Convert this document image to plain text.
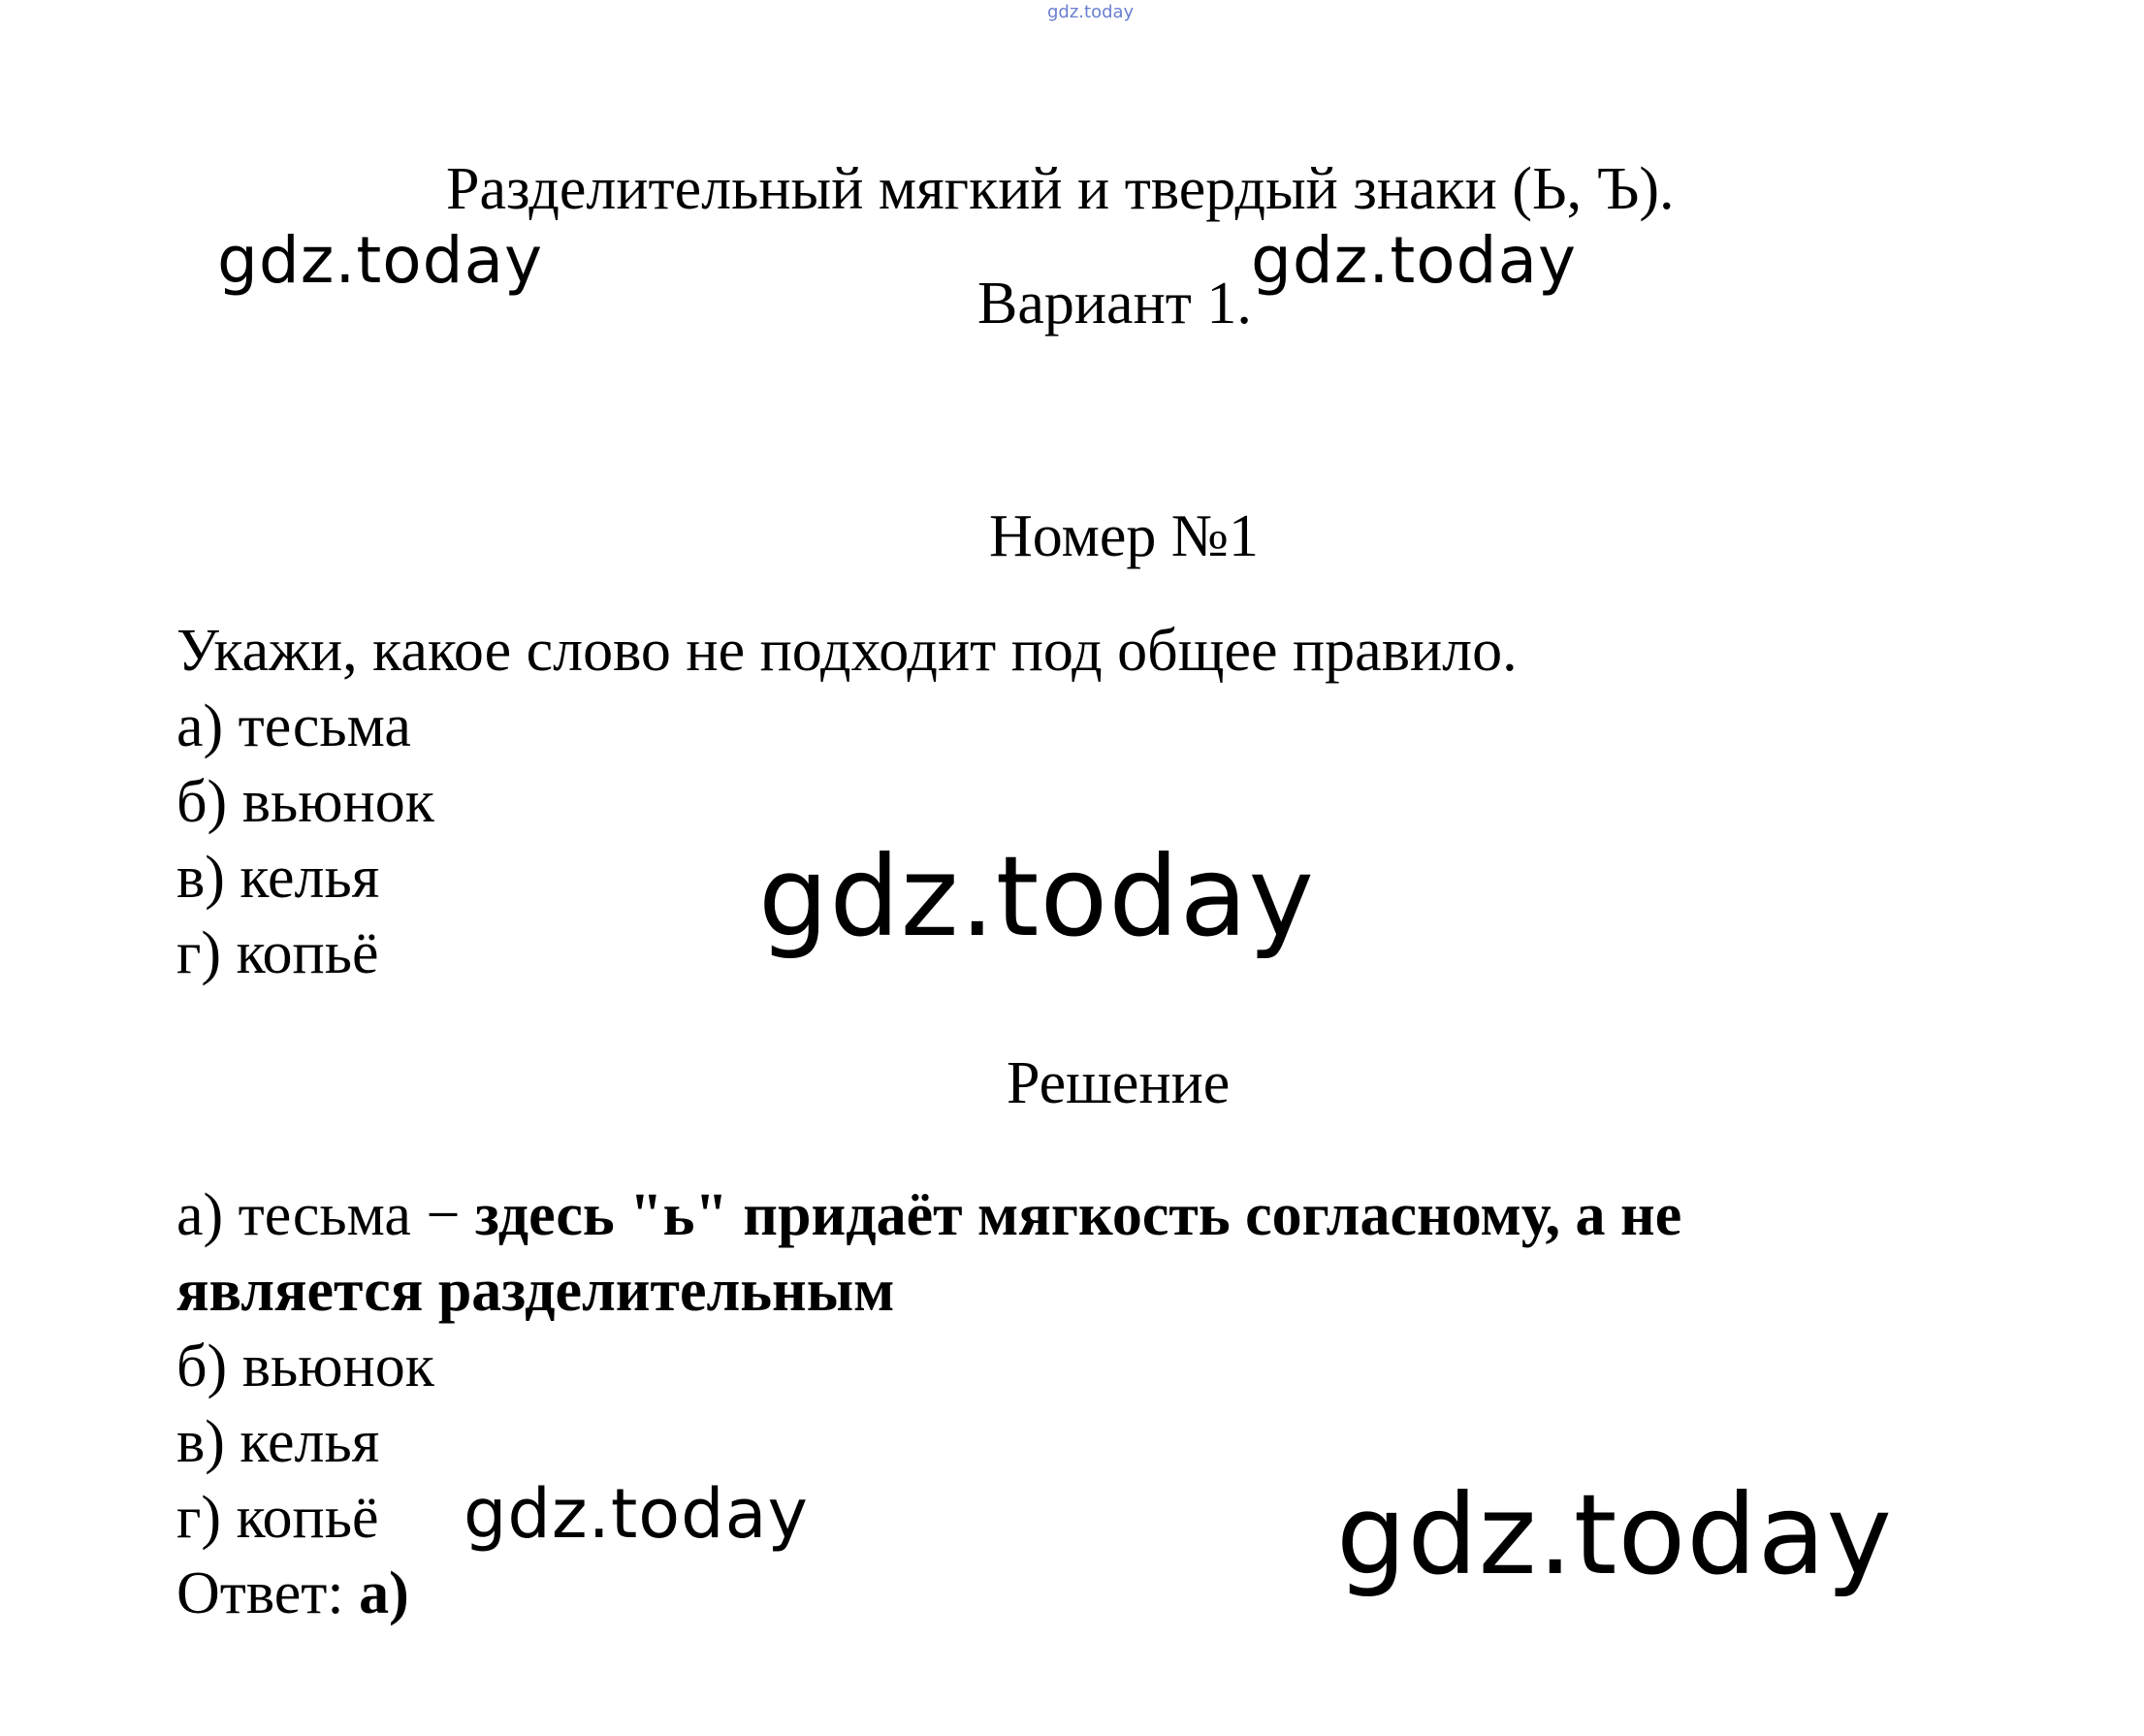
gdz.today
Разделительный мягкий и твердый знаки (Ь, Ъ).
gdz.today
Вариант 1.
gdz.today
Номер №1
Укажи, какое слово не подходит под общее правило.
а) тесьма
б) вьюнок
в) келья
г) копьё	gdz.today
Решение
а) тесьма − здесь "ь" придаёт мягкость согласному, а не
является разделительным
б) вьюнок
в) келья
г) копьё gdz.today	gdz.today
Ответ: а)
